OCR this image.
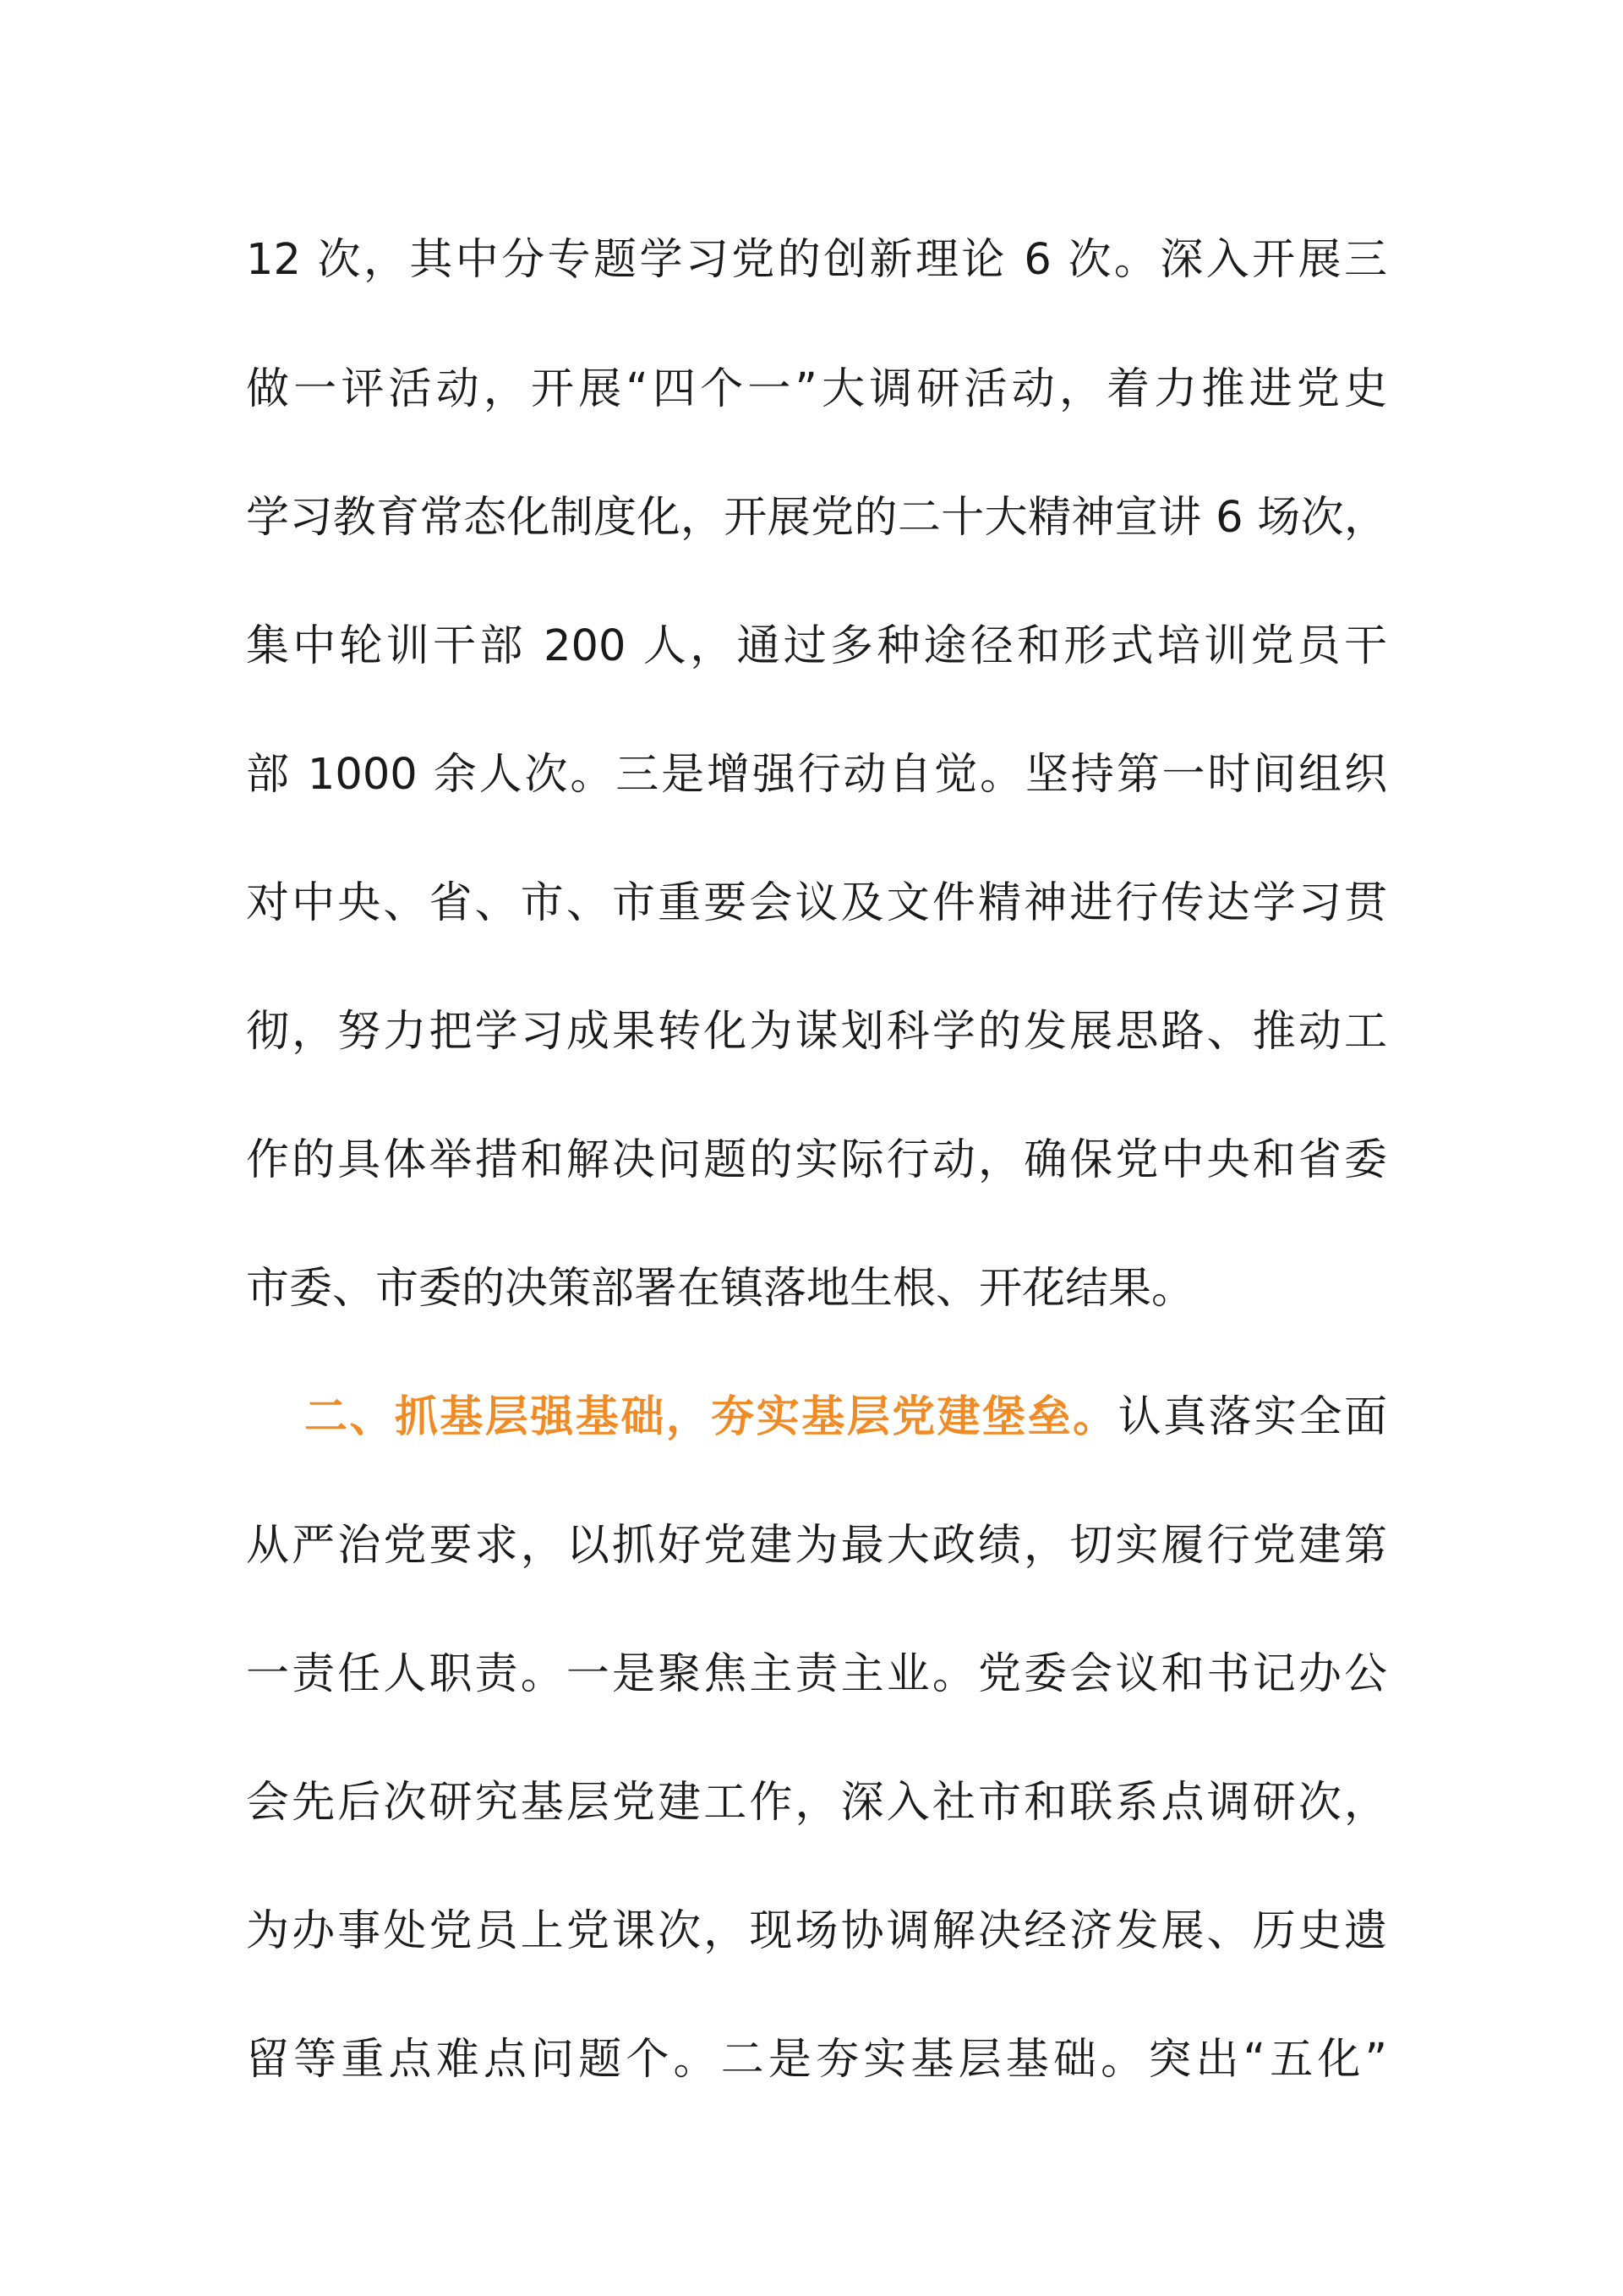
12 次，其中分专题学习党的创新理论 6 次。深入开展三
做一评活动，开展“四个一”大调研活动，着力推进党史
学习教育常态化制度化，开展党的二十大精神宣讲 6 场次，
集中轮训干部 200 人，通过多种途径和形式培训党员干
部 1000 余人次。三是增强行动自觉。坚持第一时间组织
对中央、省、市、市重要会议及文件精神进行传达学习贯
彻，努力把学习成果转化为谋划科学的发展思路、推动工
作的具体举措和解决问题的实际行动，确保党中央和省委
市委、市委的决策部署在镇落地生根、开花结果。
二、抓基层强基础，夯实基层党建堡垒。认真落实全面
从严治党要求，以抓好党建为最大政绩，切实履行党建第
一责任人职责。一是聚焦主责主业。党委会议和书记办公
会先后次研究基层党建工作，深入社市和联系点调研次，
为办事处党员上党课次，现场协调解决经济发展、历史遗
留等重点难点问题个。二是夯实基层基础。突出“五化”
